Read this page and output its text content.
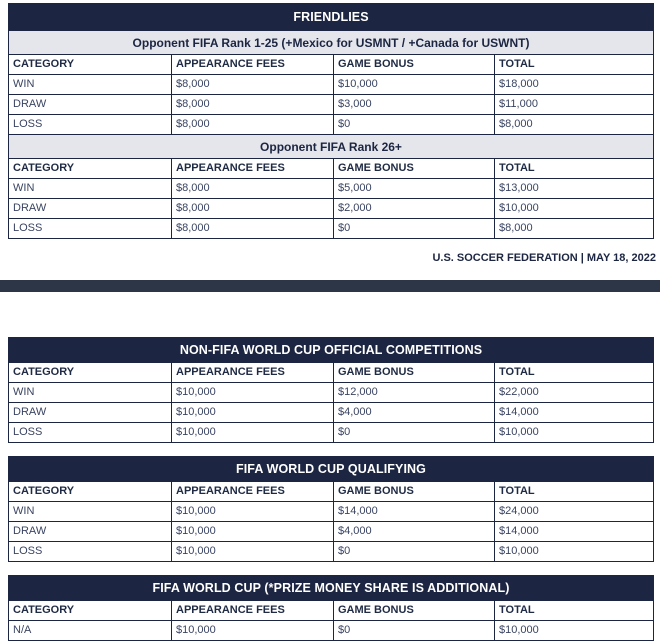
FRIENDLIES
Opponent FIFA Rank 1-25 (+Mexico for USMNT / +Canada for USWNT)
CATEGORY	APPEARANCE FEES	GAME BONUS	TOTAL
WIN	$8,000	$10,000	$18,000
DRAW	$8,000	$3,000	$11,000
LOSS	$8,000	$0	$8,000
Opponent FIFA Rank 26+
CATEGORY	APPEARANCE FEES	GAME BONUS	TOTAL
WIN	$8,000	$5,000	$13,000
DRAW	$8,000	$2,000	$10,000
LOSS	$8,000	$0	$8,000
U.S. SOCCER FEDERATION | MAY 18, 2022
NON-FIFA WORLD CUP OFFICIAL COMPETITIONS
CATEGORY	APPEARANCE FEES	GAME BONUS	TOTAL
WIN	$10,000	$12,000	$22,000
DRAW	$10,000	$4,000	$14,000
LOSS	$10,000	$0	$10,000
FIFA WORLD CUP QUALIFYING
CATEGORY	APPEARANCE FEES	GAME BONUS	TOTAL
WIN	$10,000	$14,000	$24,000
DRAW	$10,000	$4,000	$14,000
LOSS	$10,000	$0	$10,000
FIFA WORLD CUP (*PRIZE MONEY SHARE IS ADDITIONAL)
CATEGORY	APPEARANCE FEES	GAME BONUS	TOTAL
N/A	$10,000	$0	$10,000
